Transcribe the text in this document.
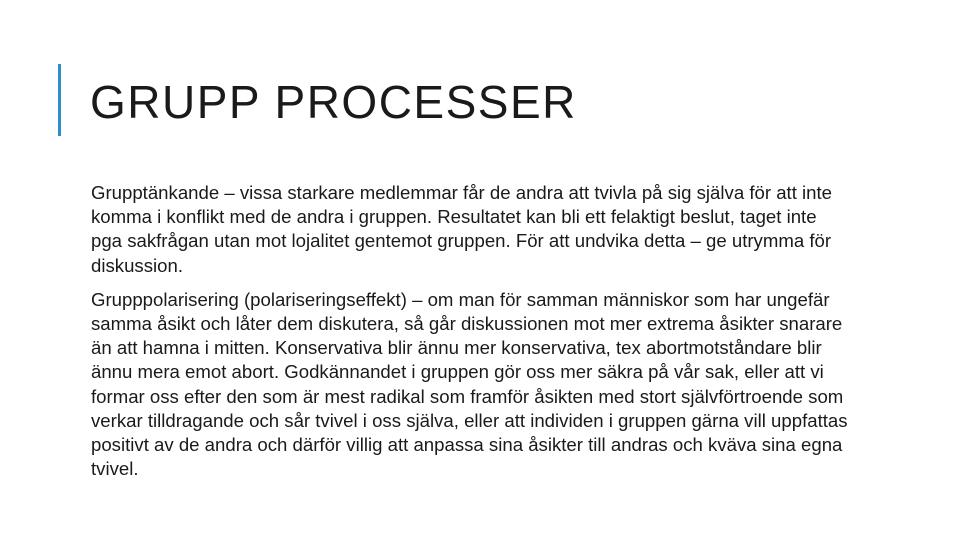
GRUPP PROCESSER

Grupptänkande – vissa starkare medlemmar får de andra att tvivla på sig själva för att inte komma i konflikt med de andra i gruppen. Resultatet kan bli ett felaktigt beslut, taget inte pga sakfrågan utan mot lojalitet gentemot gruppen. För att undvika detta – ge utrymma för diskussion.

Grupppolarisering (polariseringseffekt) – om man för samman människor som har ungefär samma åsikt och låter dem diskutera, så går diskussionen mot mer extrema åsikter snarare än att hamna i mitten. Konservativa blir ännu mer konservativa, tex abortmotståndare blir ännu mera emot abort. Godkännandet i gruppen gör oss mer säkra på vår sak, eller att vi formar oss efter den som är mest radikal som framför åsikten med stort självförtroende som verkar tilldragande och sår tvivel i oss själva, eller att individen i gruppen gärna vill uppfattas positivt av de andra och därför villig att anpassa sina åsikter till andras och kväva sina egna tvivel.
